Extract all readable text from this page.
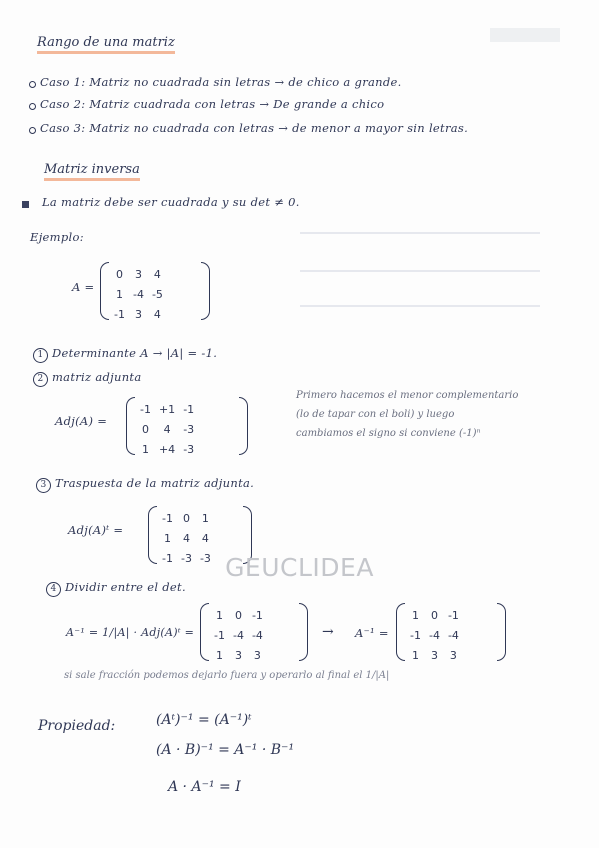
Rango de una matriz
Caso 1: Matriz no cuadrada sin letras → de chico a grande.
Caso 2: Matriz cuadrada con letras → De grande a chico
Caso 3: Matriz no cuadrada con letras → de menor a mayor sin letras.
Matriz inversa
La matriz debe ser cuadrada y su det ≠ 0.
Ejemplo:
A =
0	3	4
1	-4	-5
-1	3	4
1 Determinante A → |A| = -1.
2 matriz adjunta
Adj(A) =
-1	+1	-1
0	4	-3
1	+4	-3
Primero hacemos el menor complementario
(lo de tapar con el boli) y luego
cambiamos el signo si conviene (-1)ⁿ
3 Traspuesta de la matriz adjunta.
Adj(A)ᵗ =
-1	0	1
1	4	4
-1	-3	-3 GEUCLIDEA
4 Dividir entre el det.
A⁻¹ = 1/|A| · Adj(A)ᵗ =
1	0	-1
-1	-4	-4
1	3	3
→ A⁻¹ =
1	0	-1
-1	-4	-4
1	3	3
si sale fracción podemos dejarlo fuera y operarlo al final el 1/|A|
Propiedad:	(Aᵗ)⁻¹ = (A⁻¹)ᵗ
(A · B)⁻¹ = A⁻¹ · B⁻¹
A · A⁻¹ = I
